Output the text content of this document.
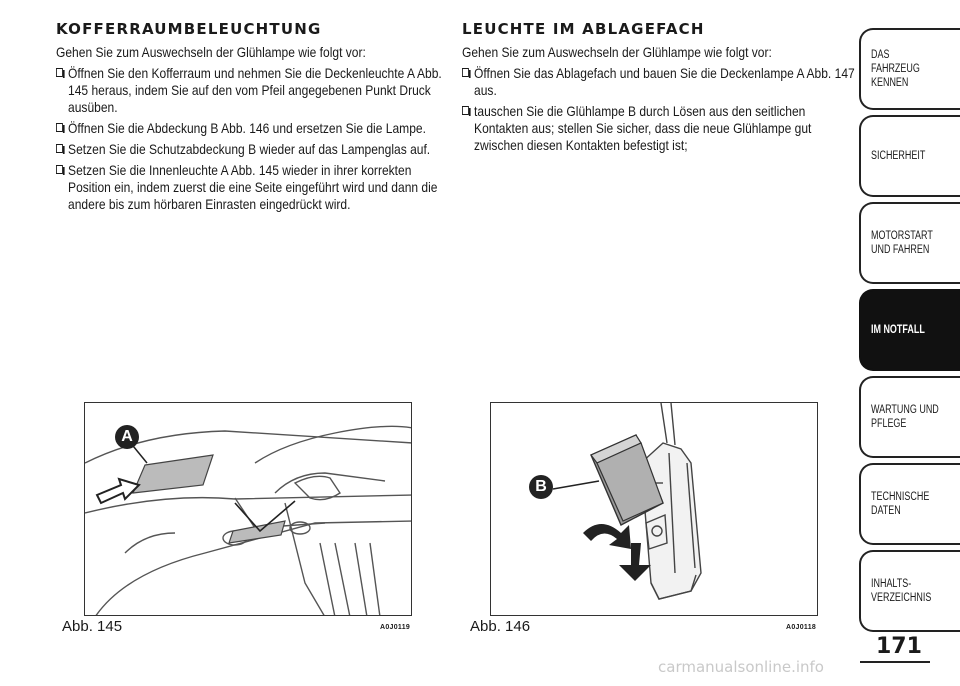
KOFFERRAUMBELEUCHTUNG

Gehen Sie zum Auswechseln der Glühlampe wie folgt vor:

Öffnen Sie den Kofferraum und nehmen Sie die Deckenleuchte A Abb. 145 heraus, indem Sie auf den vom Pfeil angegebenen Punkt Druck ausüben.
Öffnen Sie die Abdeckung B Abb. 146 und ersetzen Sie die Lampe.
Setzen Sie die Schutzabdeckung B wieder auf das Lampenglas auf.
Setzen Sie die Innenleuchte A Abb. 145 wieder in ihrer korrekten Position ein, indem zuerst die eine Seite eingeführt wird und dann die andere bis zum hörbaren Einrasten eingedrückt wird.
LEUCHTE IM ABLAGEFACH

Gehen Sie zum Auswechseln der Glühlampe wie folgt vor:

Öffnen Sie das Ablagefach und bauen Sie die Deckenlampe A Abb. 147 aus.
tauschen Sie die Glühlampe B durch Lösen aus den seitlichen Kontakten aus; stellen Sie sicher, dass die neue Glühlampe gut zwischen diesen Kontakten befestigt ist;
A
Abb. 145	A0J0119
B
Abb. 146	A0J0118
DAS FAHRZEUG KENNEN
SICHERHEIT
MOTORSTART UND FAHREN
IM NOTFALL
WARTUNG UND PFLEGE
TECHNISCHE DATEN
INHALTS-VERZEICHNIS
171
carmanualsonline.info
